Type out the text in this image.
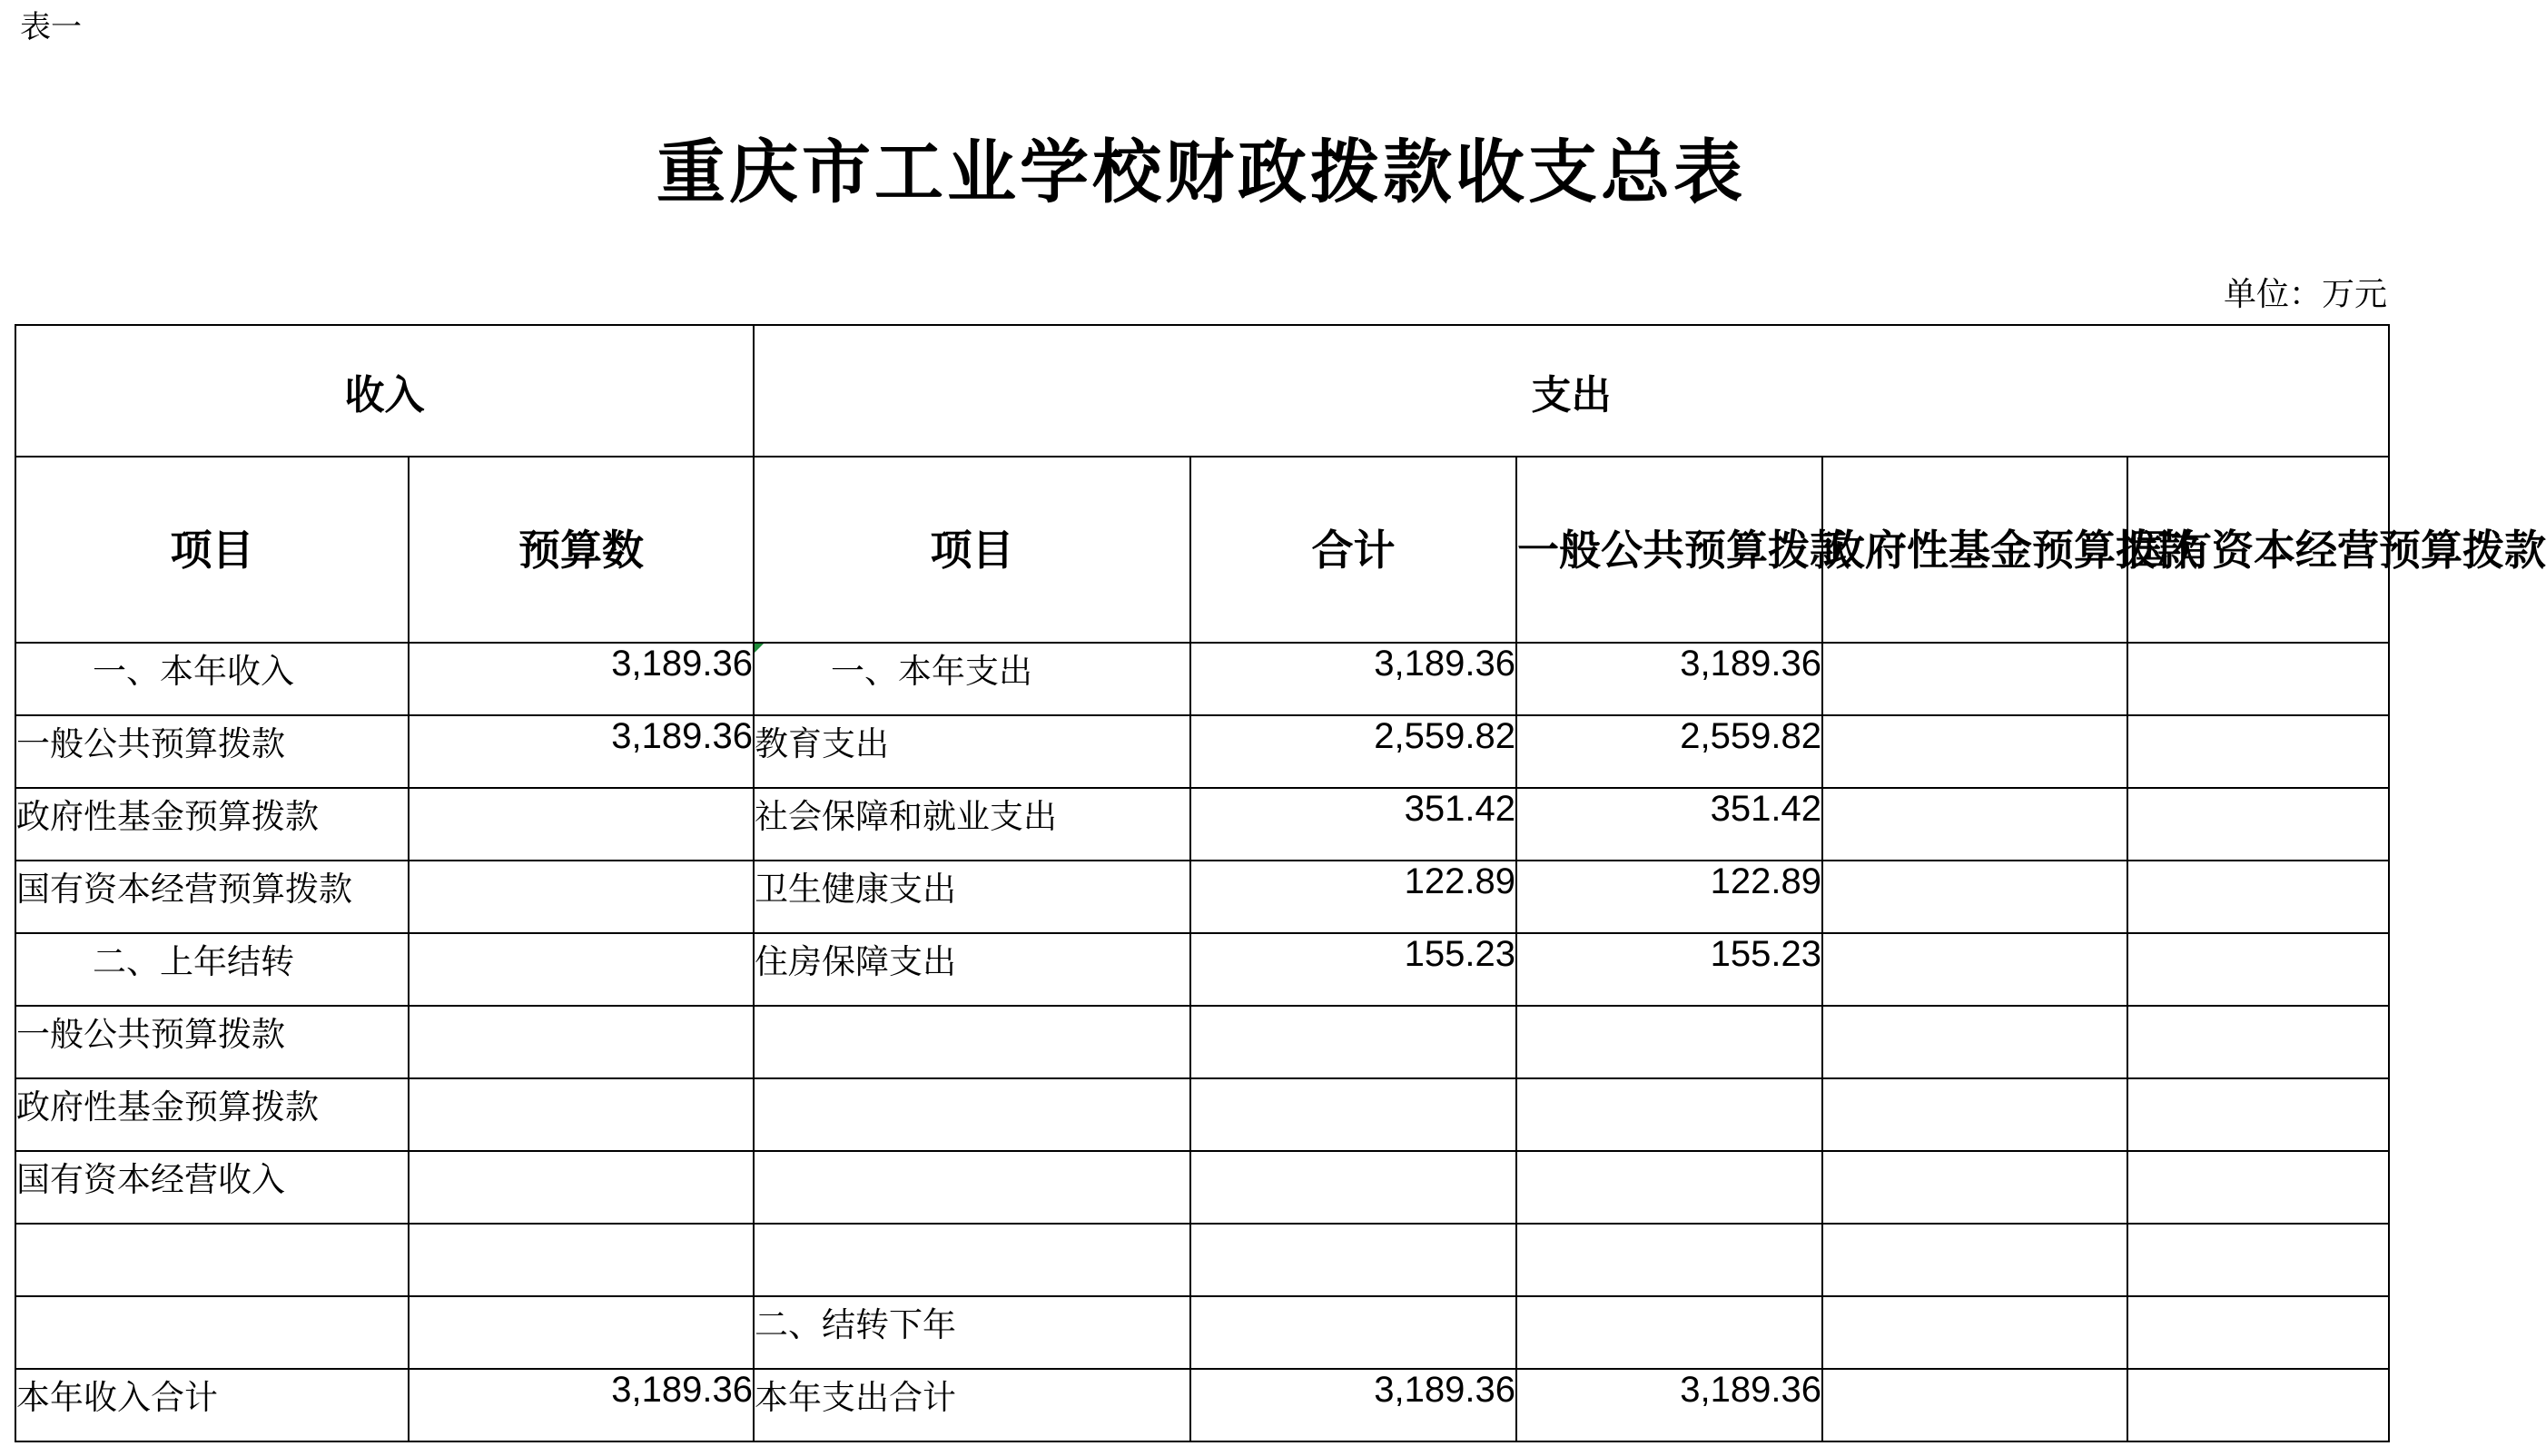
表一
重庆市工业学校财政拨款收支总表
单位：万元
收入		支出				
项目	预算数	项目	合计	一般公共预算拨款	政府性基金预算拨款	国有资本经营预算拨款
一、本年收入	3,189.36	一、本年支出	3,189.36	3,189.36		
一般公共预算拨款	3,189.36	教育支出	2,559.82	2,559.82		
政府性基金预算拨款		社会保障和就业支出	351.42	351.42		
国有资本经营预算拨款		卫生健康支出	122.89	122.89		
二、上年结转		住房保障支出	155.23	155.23		
一般公共预算拨款						
政府性基金预算拨款						
国有资本经营收入						

		二、结转下年				
本年收入合计	3,189.36	本年支出合计	3,189.36	3,189.36		
